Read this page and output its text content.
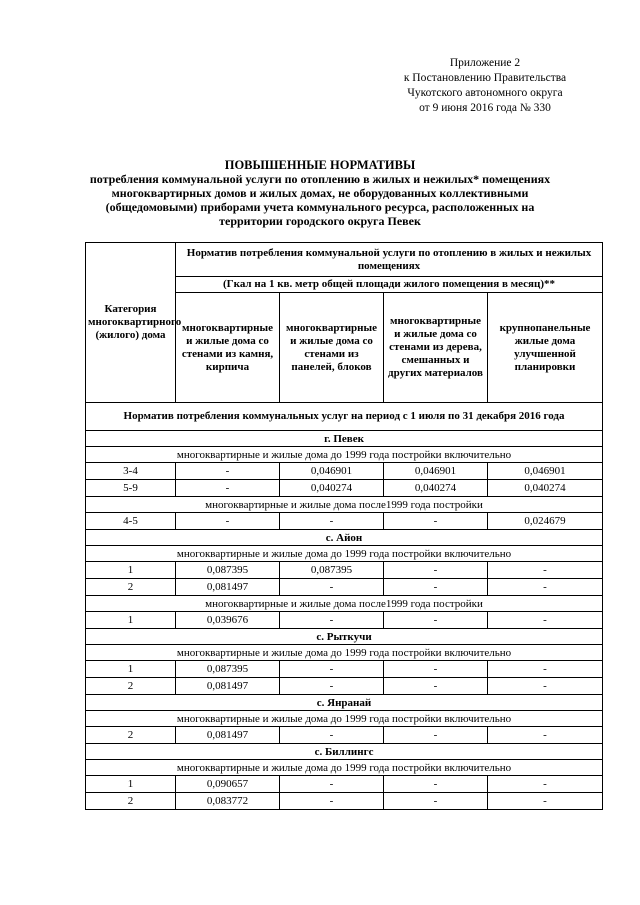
Приложение 2
к Постановлению Правительства
Чукотского автономного округа
от 9 июня 2016 года № 330
ПОВЫШЕННЫЕ НОРМАТИВЫ
потребления коммунальной услуги по отоплению в жилых и нежилых* помещениях
многоквартирных домов и жилых домах, не оборудованных коллективными
(общедомовыми) приборами учета коммунального ресурса, расположенных на
территории городского округа Певек
Категория многоквартирного (жилого) дома	Норматив потребления коммунальной услуги по отоплению в жилых и нежилых помещениях			
	(Гкал на 1 кв. метр общей площади жилого помещения в месяц)**			
	многоквартирные и жилые дома со стенами из камня, кирпича	многоквартирные и жилые дома со стенами из панелей, блоков	многоквартирные и жилые дома со стенами из дерева, смешанных и других материалов	крупнопанельные жилые дома улучшенной планировки
Норматив потребления коммунальных услуг на период с 1 июля по 31 декабря 2016 года				
г. Певек				
многоквартирные и жилые дома до 1999 года постройки включительно				
3-4	-	0,046901	0,046901	0,046901
5-9	-	0,040274	0,040274	0,040274
многоквартирные и жилые дома после1999 года постройки				
4-5	-	-	-	0,024679
с. Айон				
многоквартирные и жилые дома до 1999 года постройки включительно				
1	0,087395	0,087395	-	-
2	0,081497	-	-	-
многоквартирные и жилые дома после1999 года постройки				
1	0,039676	-	-	-
с. Рыткучи				
многоквартирные и жилые дома до 1999 года постройки включительно				
1	0,087395	-	-	-
2	0,081497	-	-	-
с. Янранай				
многоквартирные и жилые дома до 1999 года постройки включительно				
2	0,081497	-	-	-
с. Биллингс				
многоквартирные и жилые дома до 1999 года постройки включительно				
1	0,090657	-	-	-
2	0,083772	-	-	-
